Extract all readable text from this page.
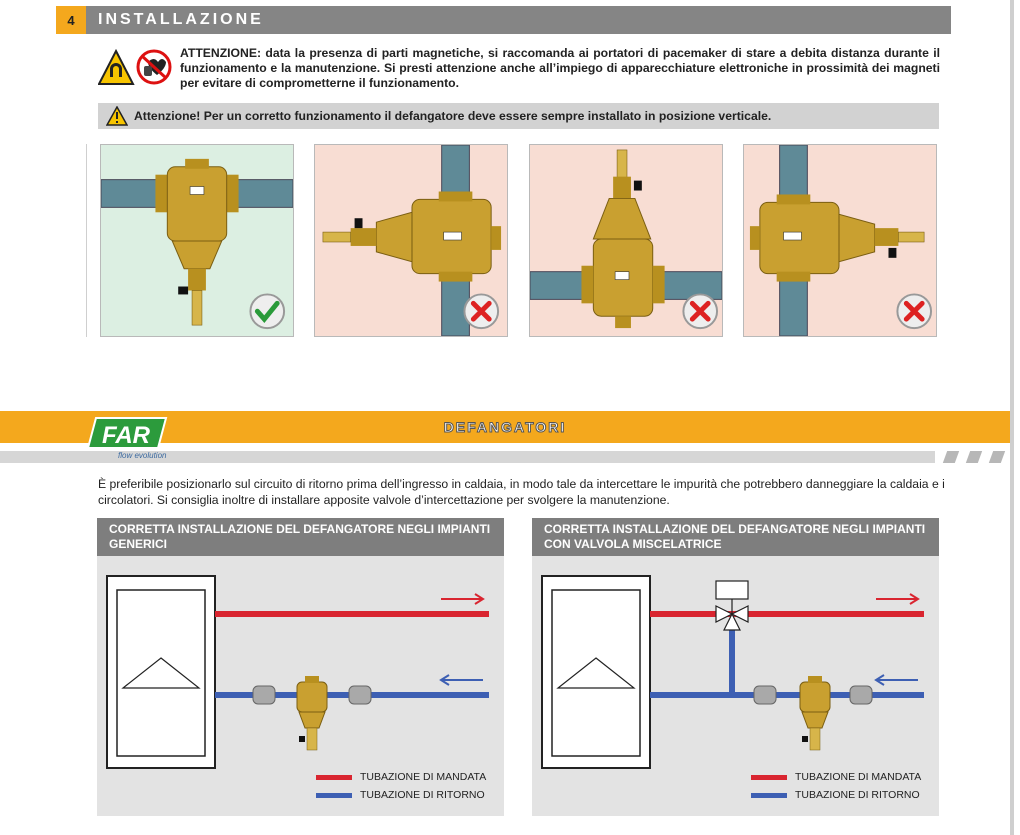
4	INSTALLAZIONE
ATTENZIONE: data la presenza di parti magnetiche, si raccomanda ai portatori di pacemaker di stare a debita distanza durante il funzionamento e la manutenzione. Si presti attenzione anche all’impiego di apparecchiature elettroniche in prossimità dei magneti per evitare di comprometterne il funzionamento.
Attenzione! Per un corretto funzionamento il defangatore deve essere sempre installato in posizione verticale.
DEFANGATORI
FAR
flow evolution
È preferibile posizionarlo sul circuito di ritorno prima dell’ingresso in caldaia, in modo tale da intercettare le impurità che potrebbero danneggiare la caldaia e i circolatori. Si consiglia inoltre di installare apposite valvole d’intercettazione per svolgere la manutenzione.
CORRETTA INSTALLAZIONE DEL DEFANGATORE NEGLI IMPIANTI GENERICI
TUBAZIONE DI MANDATA
TUBAZIONE DI RITORNO
CORRETTA INSTALLAZIONE DEL DEFANGATORE NEGLI IMPIANTI CON VALVOLA MISCELATRICE
TUBAZIONE DI MANDATA
TUBAZIONE DI RITORNO
